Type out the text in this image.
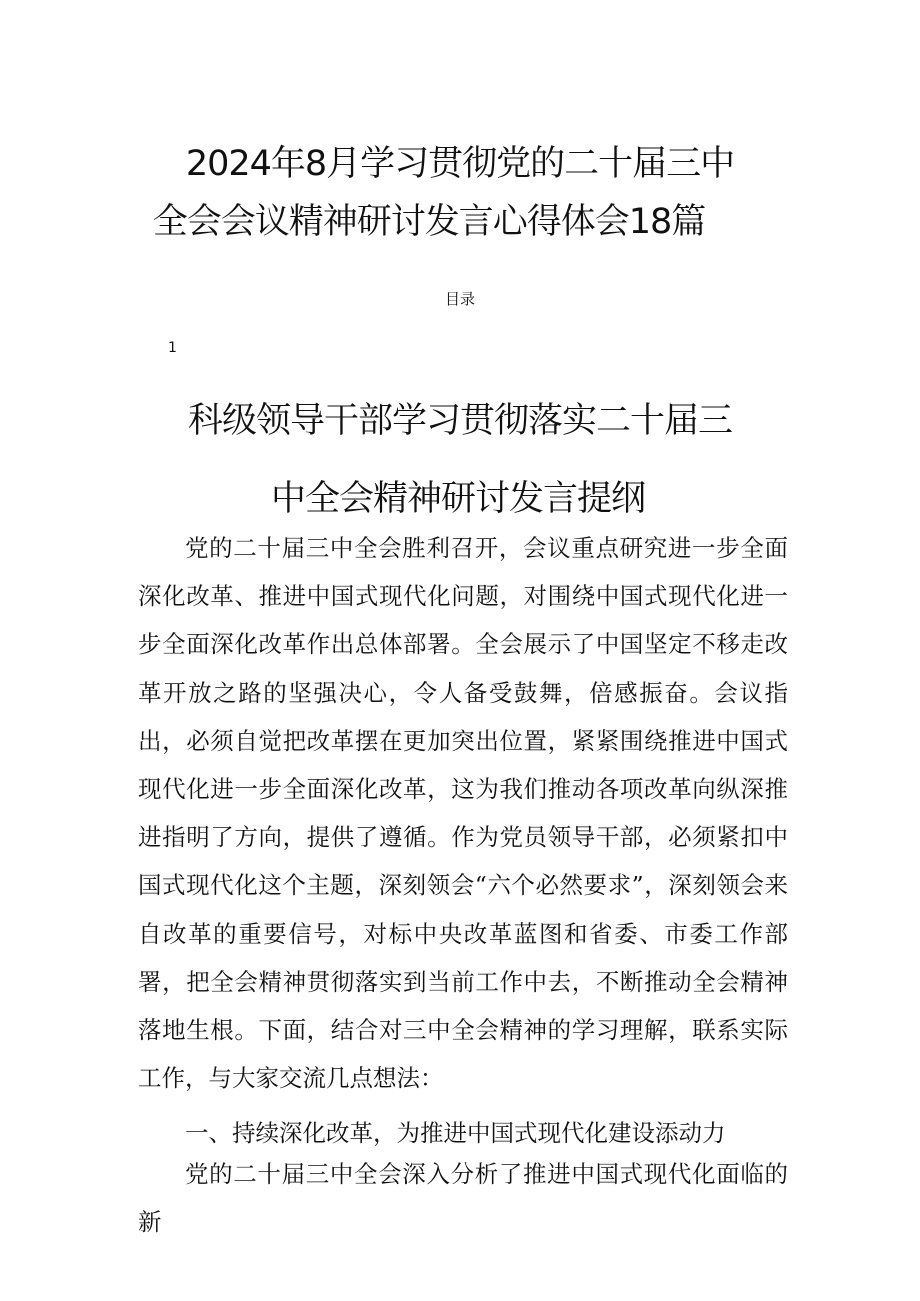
2024年8月学习贯彻党的二十届三中
全会会议精神研讨发言心得体会18篇
目录
1
科级领导干部学习贯彻落实二十届三
中全会精神研讨发言提纲

党的二十届三中全会胜利召开，会议重点研究进一步全面深化改革、推进中国式现代化问题，对围绕中国式现代化进一步全面深化改革作出总体部署。全会展示了中国坚定不移走改革开放之路的坚强决心，令人备受鼓舞，倍感振奋。会议指出，必须自觉把改革摆在更加突出位置，紧紧围绕推进中国式现代化进一步全面深化改革，这为我们推动各项改革向纵深推进指明了方向，提供了遵循。作为党员领导干部，必须紧扣中国式现代化这个主题，深刻领会“六个必然要求”，深刻领会来自改革的重要信号，对标中央改革蓝图和省委、市委工作部署，把全会精神贯彻落实到当前工作中去，不断推动全会精神落地生根。下面，结合对三中全会精神的学习理解，联系实际工作，与大家交流几点想法：

一、持续深化改革，为推进中国式现代化建设添动力

党的二十届三中全会深入分析了推进中国式现代化面临的新
